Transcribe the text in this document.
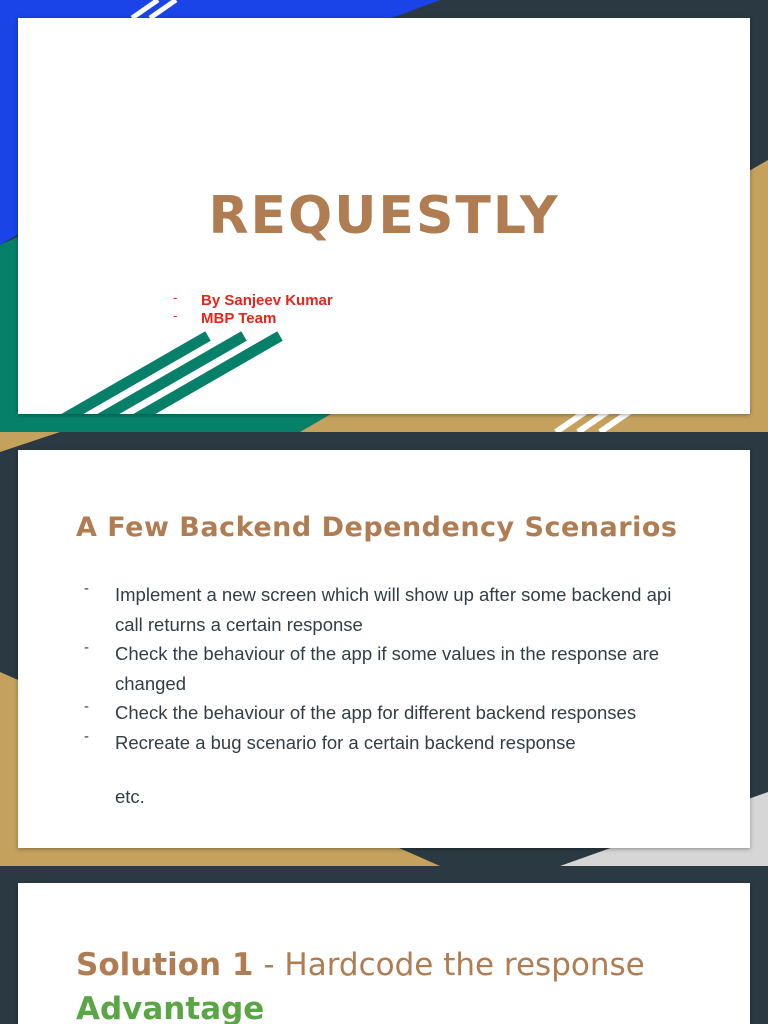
REQUESTLY
- By Sanjeev Kumar
- MBP Team
A Few Backend Dependency Scenarios
- Implement a new screen which will show up after some backend api call returns a certain response
- Check the behaviour of the app if some values in the response are changed
- Check the behaviour of the app for different backend responses
- Recreate a bug scenario for a certain backend response
etc.

Solution 1 - Hardcode the response

Advantage
